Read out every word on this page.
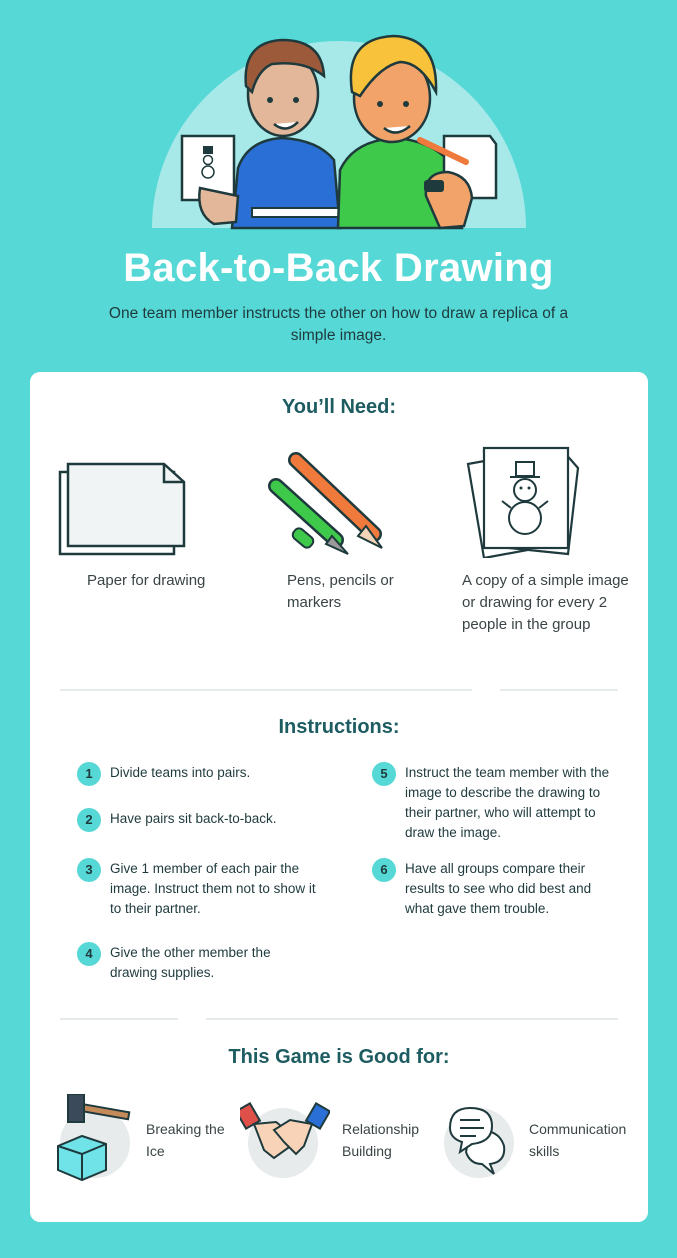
Back-to-Back Drawing
One team member instructs the other on how to draw a replica of a simple image.
You’ll Need:
Paper for drawing	Pens, pencils or markers
A copy of a simple image or drawing for every 2 people in the group
Instructions:
1	Divide teams into pairs.
2	Have pairs sit back-to-back.
3	Give 1 member of each pair the image. Instruct them not to show it to their partner.
4	Give the other member the drawing supplies.
5	Instruct the team member with the image to describe the drawing to their partner, who will attempt to draw the image.
6	Have all groups compare their results to see who did best and what gave them trouble.
This Game is Good for:
Breaking the Ice
Relationship Building
Communication skills
